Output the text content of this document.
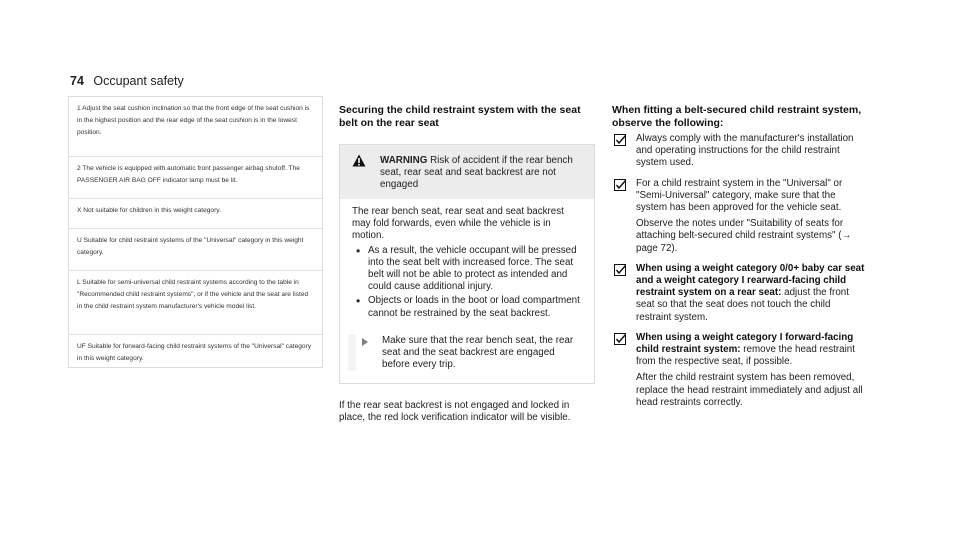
74 Occupant safety
1 Adjust the seat cushion inclination so that the front edge of the seat cushion is in the highest position and the rear edge of the seat cushion is in the lowest position.
2 The vehicle is equipped with automatic front passenger airbag shutoff. The PASSENGER AIR BAG OFF indicator lamp must be lit.
X Not suitable for children in this weight category.
U Suitable for child restraint systems of the "Universal" category in this weight category.
L Suitable for semi-universal child restraint systems according to the table in "Recommended child restraint systems", or if the vehicle and the seat are listed in the child restraint system manufacturer's vehicle model list.
UF Suitable for forward-facing child restraint systems of the "Universal" category in this weight category.

Securing the child restraint system with the seat belt on the rear seat

WARNING Risk of accident if the rear bench seat, rear seat and seat backrest are not engaged
The rear bench seat, rear seat and seat backrest may fold forwards, even while the vehicle is in motion.
• As a result, the vehicle occupant will be pressed into the seat belt with increased force. The seat belt will not be able to protect as intended and could cause additional injury.
• Objects or loads in the boot or load compartment cannot be restrained by the seat backrest.
Make sure that the rear bench seat, the rear seat and the seat backrest are engaged before every trip.
If the rear seat backrest is not engaged and locked in place, the red lock verification indicator will be visible.

When fitting a belt-secured child restraint system, observe the following:

Always comply with the manufacturer's installation and operating instructions for the child restraint system used.
For a child restraint system in the "Universal" or "Semi-Universal" category, make sure that the system has been approved for the vehicle seat.

Observe the notes under "Suitability of seats for attaching belt-secured child restraint systems" (→ page 72).

When using a weight category 0/0+ baby car seat and a weight category I rearward-facing child restraint system on a rear seat: adjust the front seat so that the seat does not touch the child restraint system.
When using a weight category I forward-facing child restraint system: remove the head restraint from the respective seat, if possible.

After the child restraint system has been removed, replace the head restraint immediately and adjust all head restraints correctly.
